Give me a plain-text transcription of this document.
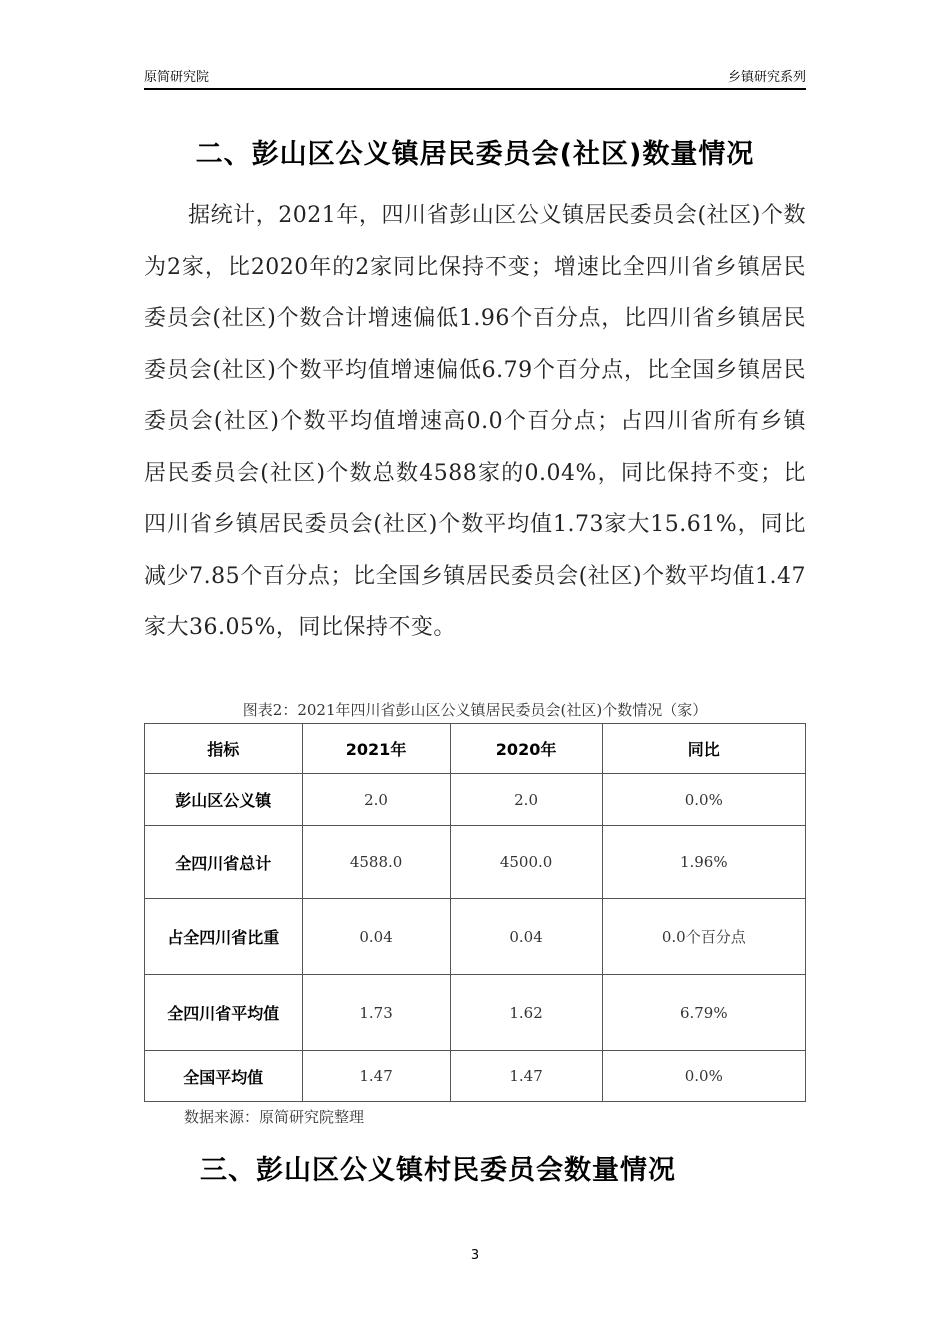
原简研究院	乡镇研究系列
二、彭山区公义镇居民委员会(社区)数量情况

据统计，2021年，四川省彭山区公义镇居民委员会(社区)个数为2家，比2020年的2家同比保持不变；增速比全四川省乡镇居民委员会(社区)个数合计增速偏低1.96个百分点，比四川省乡镇居民委员会(社区)个数平均值增速偏低6.79个百分点，比全国乡镇居民委员会(社区)个数平均值增速高0.0个百分点；占四川省所有乡镇居民委员会(社区)个数总数4588家的0.04%，同比保持不变；比四川省乡镇居民委员会(社区)个数平均值1.73家大15.61%，同比减少7.85个百分点；比全国乡镇居民委员会(社区)个数平均值1.47家大36.05%，同比保持不变。

图表2：2021年四川省彭山区公义镇居民委员会(社区)个数情况（家）
指标	2021年	2020年	同比
彭山区公义镇	2.0	2.0	0.0%
全四川省总计	4588.0	4500.0	1.96%
占全四川省比重	0.04	0.04	0.0个百分点
全四川省平均值	1.73	1.62	6.79%
全国平均值	1.47	1.47	0.0%
数据来源：原简研究院整理
三、彭山区公义镇村民委员会数量情况
3
